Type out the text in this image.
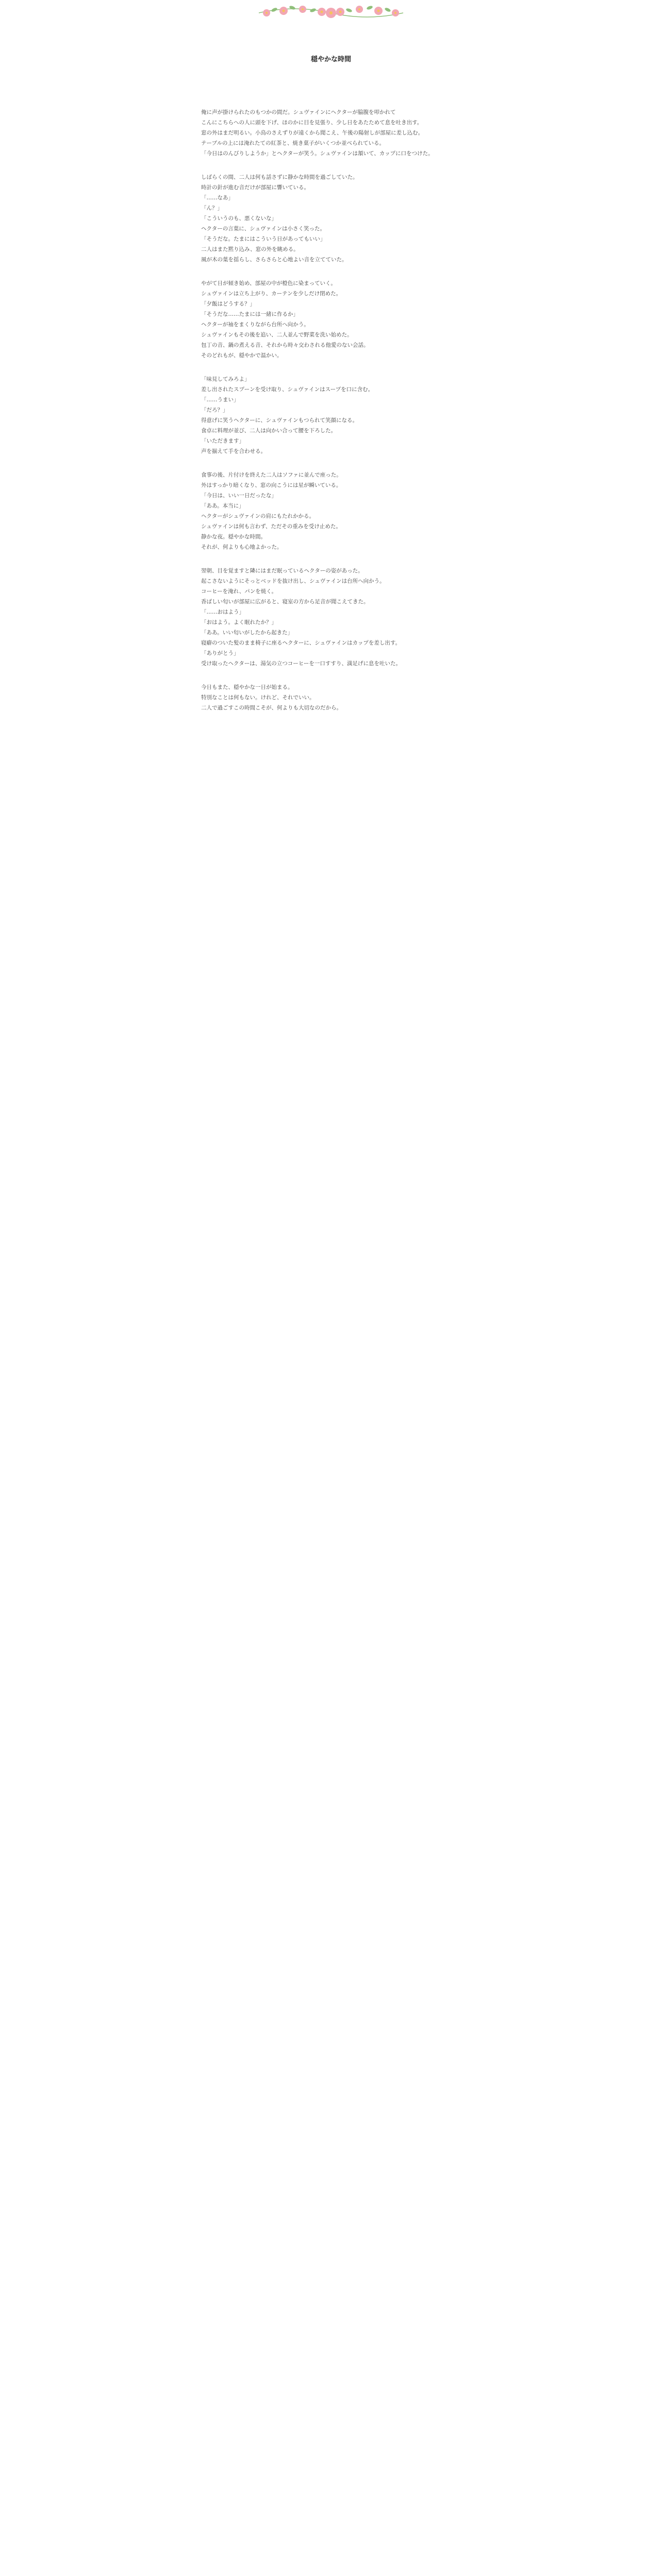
穏やかな時間

俺に声が掛けられたのもつかの間だ。シュヴァインにヘクターが脇腹を叩かれて

こんにこちらへの人に頭を下げ、ほのかに目を見張り、少し日をあたためて息を吐き出す。

窓の外はまだ明るい。小鳥のさえずりが遠くから聞こえ、午後の陽射しが部屋に差し込む。

テーブルの上には淹れたての紅茶と、焼き菓子がいくつか並べられている。

「今日はのんびりしようか」とヘクターが笑う。シュヴァインは頷いて、カップに口をつけた。

しばらくの間、二人は何も話さずに静かな時間を過ごしていた。

時計の針が進む音だけが部屋に響いている。

「……なあ」

「ん？」

「こういうのも、悪くないな」

ヘクターの言葉に、シュヴァインは小さく笑った。

「そうだな。たまにはこういう日があってもいい」

二人はまた黙り込み、窓の外を眺める。

風が木の葉を揺らし、さらさらと心地よい音を立てていた。

やがて日が傾き始め、部屋の中が橙色に染まっていく。

シュヴァインは立ち上がり、カーテンを少しだけ閉めた。

「夕飯はどうする？」

「そうだな……たまには一緒に作るか」

ヘクターが袖をまくりながら台所へ向かう。

シュヴァインもその後を追い、二人並んで野菜を洗い始めた。

包丁の音、鍋の煮える音、それから時々交わされる他愛のない会話。

そのどれもが、穏やかで温かい。

「味見してみろよ」

差し出されたスプーンを受け取り、シュヴァインはスープを口に含む。

「……うまい」

「だろ？」

得意げに笑うヘクターに、シュヴァインもつられて笑顔になる。

食卓に料理が並び、二人は向かい合って腰を下ろした。

「いただきます」

声を揃えて手を合わせる。

食事の後、片付けを終えた二人はソファに並んで座った。

外はすっかり暗くなり、窓の向こうには星が瞬いている。

「今日は、いい一日だったな」

「ああ。本当に」

ヘクターがシュヴァインの肩にもたれかかる。

シュヴァインは何も言わず、ただその重みを受け止めた。

静かな夜。穏やかな時間。

それが、何よりも心地よかった。

翌朝、目を覚ますと隣にはまだ眠っているヘクターの姿があった。

起こさないようにそっとベッドを抜け出し、シュヴァインは台所へ向かう。

コーヒーを淹れ、パンを焼く。

香ばしい匂いが部屋に広がると、寝室の方から足音が聞こえてきた。

「……おはよう」

「おはよう。よく眠れたか？」

「ああ。いい匂いがしたから起きた」

寝癖のついた髪のまま椅子に座るヘクターに、シュヴァインはカップを差し出す。

「ありがとう」

受け取ったヘクターは、湯気の立つコーヒーを一口すすり、満足げに息を吐いた。

今日もまた、穏やかな一日が始まる。

特別なことは何もない。けれど、それでいい。

二人で過ごすこの時間こそが、何よりも大切なのだから。
